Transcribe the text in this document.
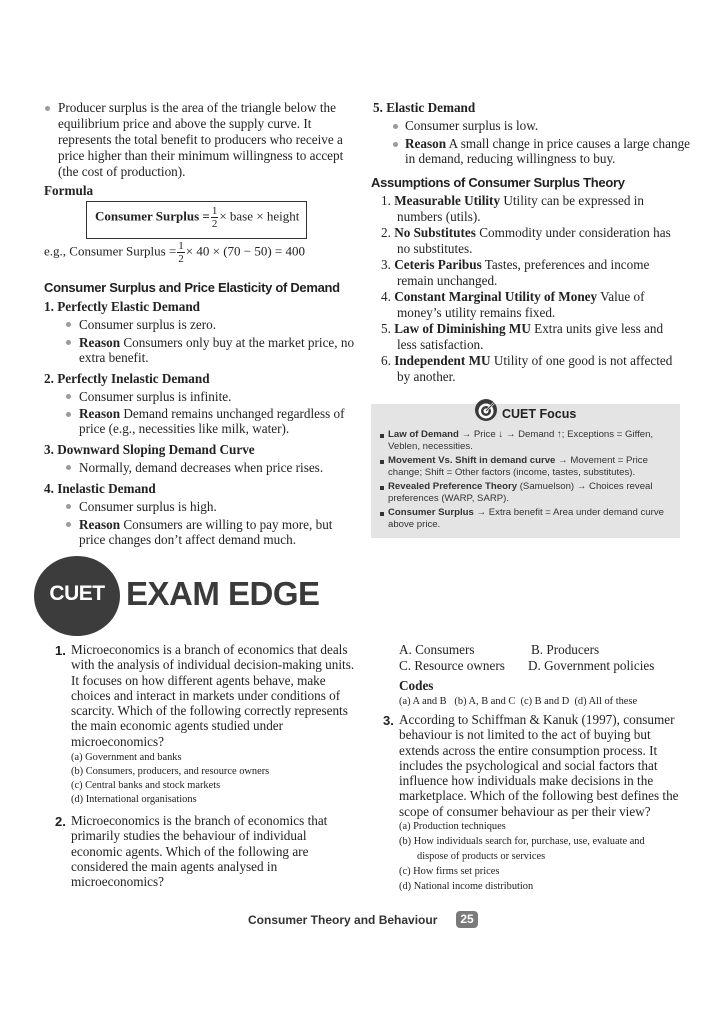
Producer surplus is the area of the triangle below the
equilibrium price and above the supply curve. It
represents the total benefit to producers who receive a
price higher than their minimum willingness to accept
(the cost of production).
Formula
Consumer Surplus = $\frac{1}{2}$ × base × height
e.g., Consumer Surplus = $\frac{1}{2} \times 40 \times (70 - 50) = 400$
Consumer Surplus and Price Elasticity of Demand
1. Perfectly Elastic Demand
Consumer surplus is zero.
Reason Consumers only buy at the market price, no
extra benefit.
2. Perfectly Inelastic Demand
Consumer surplus is infinite.
Reason Demand remains unchanged regardless of
price (e.g., necessities like milk, water).
3. Downward Sloping Demand Curve
Normally, demand decreases when price rises.
4. Inelastic Demand
Consumer surplus is high.
Reason Consumers are willing to pay more, but
price changes don’t affect demand much.
5. Elastic Demand
Consumer surplus is low.
Reason A small change in price causes a large change
in demand, reducing willingness to buy.
Assumptions of Consumer Surplus Theory
1. Measurable Utility Utility can be expressed in
numbers (utils).
2. No Substitutes Commodity under consideration has
no substitutes.
3. Ceteris Paribus Tastes, preferences and income
remain unchanged.
4. Constant Marginal Utility of Money Value of
money’s utility remains fixed.
5. Law of Diminishing MU Extra units give less and
less satisfaction.
6. Independent MU Utility of one good is not affected
by another.
CUET Focus
Law of Demand → Price ↓ → Demand ↑; Exceptions = Giffen,
Veblen, necessities.
Movement Vs. Shift in demand curve → Movement = Price
change; Shift = Other factors (income, tastes, substitutes).
Revealed Preference Theory (Samuelson) → Choices reveal
preferences (WARP, SARP).
Consumer Surplus → Extra benefit = Area under demand curve
above price.
CUET EXAM EDGE
1. Microeconomics is a branch of economics that deals
with the analysis of individual decision-making units.
It focuses on how different agents behave, make
choices and interact in markets under conditions of
scarcity. Which of the following correctly represents
the main economic agents studied under
microeconomics?
(a) Government and banks
(b) Consumers, producers, and resource owners
(c) Central banks and stock markets
(d) International organisations
2. Microeconomics is the branch of economics that
primarily studies the behaviour of individual
economic agents. Which of the following are
considered the main agents analysed in
microeconomics?
A. Consumers	B. Producers
C. Resource owners D. Government policies
Codes
(a) A and B   (b) A, B and C  (c) B and D  (d) All of these
3. According to Schiffman & Kanuk (1997), consumer
behaviour is not limited to the act of buying but
extends across the entire consumption process. It
includes the psychological and social factors that
influence how individuals make decisions in the
marketplace. Which of the following best defines the
scope of consumer behaviour as per their view?
(a) Production techniques
(b) How individuals search for, purchase, use, evaluate and
dispose of products or services
(c) How firms set prices
(d) National income distribution
Consumer Theory and Behaviour	25
